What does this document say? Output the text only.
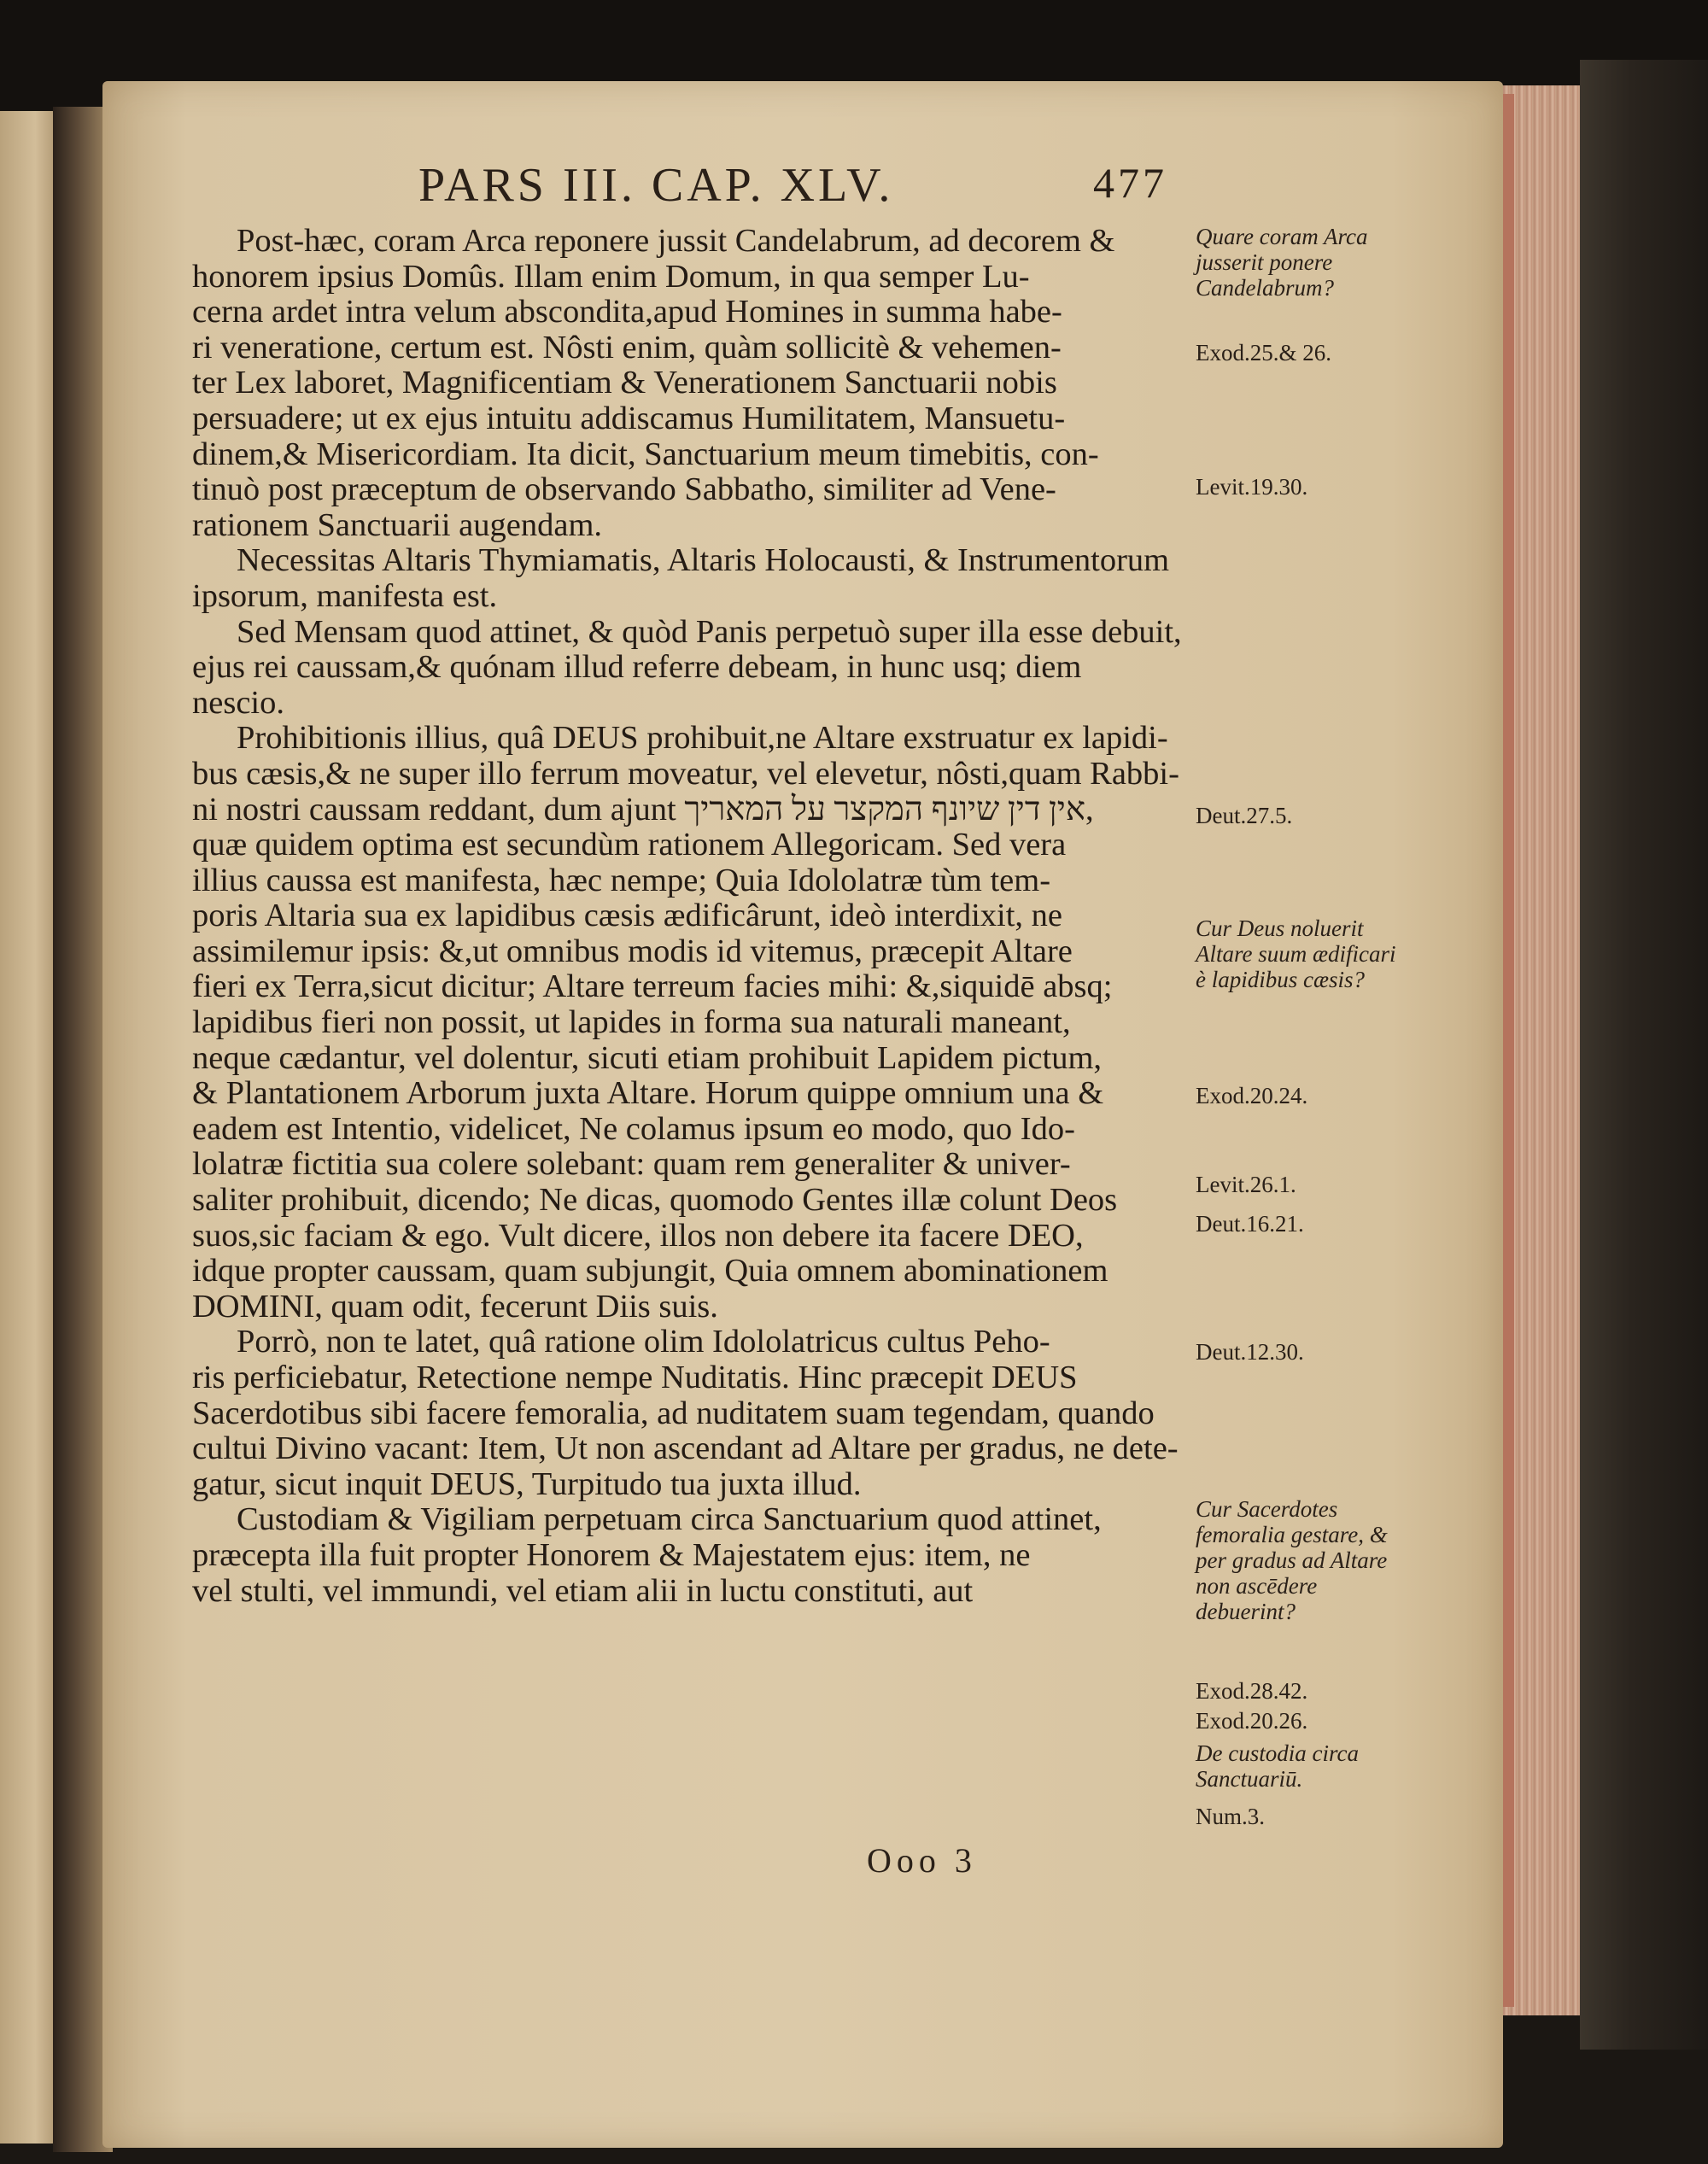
PARS III. CAP. XLV.	477
Post-hæc, coram Arca reponere jussit Candelabrum, ad decorem &
honorem ipsius Domûs. Illam enim Domum, in qua semper Lu-
cerna ardet intra velum abscondita,apud Homines in summa habe-
ri veneratione, certum est. Nôsti enim, quàm sollicitè & vehemen-
ter Lex laboret, Magnificentiam & Venerationem Sanctuarii nobis
persuadere; ut ex ejus intuitu addiscamus Humilitatem, Mansuetu-
dinem,& Misericordiam. Ita dicit, Sanctuarium meum timebitis, con-
tinuò post præceptum de observando Sabbatho, similiter ad Vene-
rationem Sanctuarii augendam.
Necessitas Altaris Thymiamatis, Altaris Holocausti, & Instrumentorum
ipsorum, manifesta est.
Sed Mensam quod attinet, & quòd Panis perpetuò super illa esse debuit,
ejus rei caussam,& quónam illud referre debeam, in hunc usq; diem
nescio.
Prohibitionis illius, quâ DEUS prohibuit,ne Altare exstruatur ex lapidi-
bus cæsis,& ne super illo ferrum moveatur, vel elevetur, nôsti,quam Rabbi-
ni nostri caussam reddant, dum ajunt אין דין שיונף המקצר על המאריך,
quæ quidem optima est secundùm rationem Allegoricam. Sed vera
illius caussa est manifesta, hæc nempe; Quia Idololatræ tùm tem-
poris Altaria sua ex lapidibus cæsis ædificârunt, ideò interdixit, ne
assimilemur ipsis: &,ut omnibus modis id vitemus, præcepit Altare
fieri ex Terra,sicut dicitur; Altare terreum facies mihi: &,siquidē absq;
lapidibus fieri non possit, ut lapides in forma sua naturali maneant,
neque cædantur, vel dolentur, sicuti etiam prohibuit Lapidem pictum,
& Plantationem Arborum juxta Altare. Horum quippe omnium una &
eadem est Intentio, videlicet, Ne colamus ipsum eo modo, quo Ido-
lolatræ fictitia sua colere solebant: quam rem generaliter & univer-
saliter prohibuit, dicendo; Ne dicas, quomodo Gentes illæ colunt Deos
suos,sic faciam & ego. Vult dicere, illos non debere ita facere DEO,
idque propter caussam, quam subjungit, Quia omnem abominationem
DOMINI, quam odit, fecerunt Diis suis.
Porrò, non te latet, quâ ratione olim Idololatricus cultus Peho-
ris perficiebatur, Retectione nempe Nuditatis. Hinc præcepit DEUS
Sacerdotibus sibi facere femoralia, ad nuditatem suam tegendam, quando
cultui Divino vacant: Item, Ut non ascendant ad Altare per gradus, ne dete-
gatur, sicut inquit DEUS, Turpitudo tua juxta illud.
Custodiam & Vigiliam perpetuam circa Sanctuarium quod attinet,
præcepta illa fuit propter Honorem & Majestatem ejus: item, ne
vel stulti, vel immundi, vel etiam alii in luctu constituti, aut
Quare coram Arca jusserit ponere Candelabrum?
Exod.25.& 26.
Levit.19.30.
Deut.27.5.
Cur Deus noluerit Altare suum ædificari è lapidibus cæsis?
Exod.20.24.
Levit.26.1.
Deut.16.21.
Deut.12.30.
Cur Sacerdotes femoralia gestare, & per gradus ad Altare non ascēdere debuerint?
Exod.28.42.
Exod.20.26.
De custodia circa Sanctuariū.
Num.3.
Ooo 3
